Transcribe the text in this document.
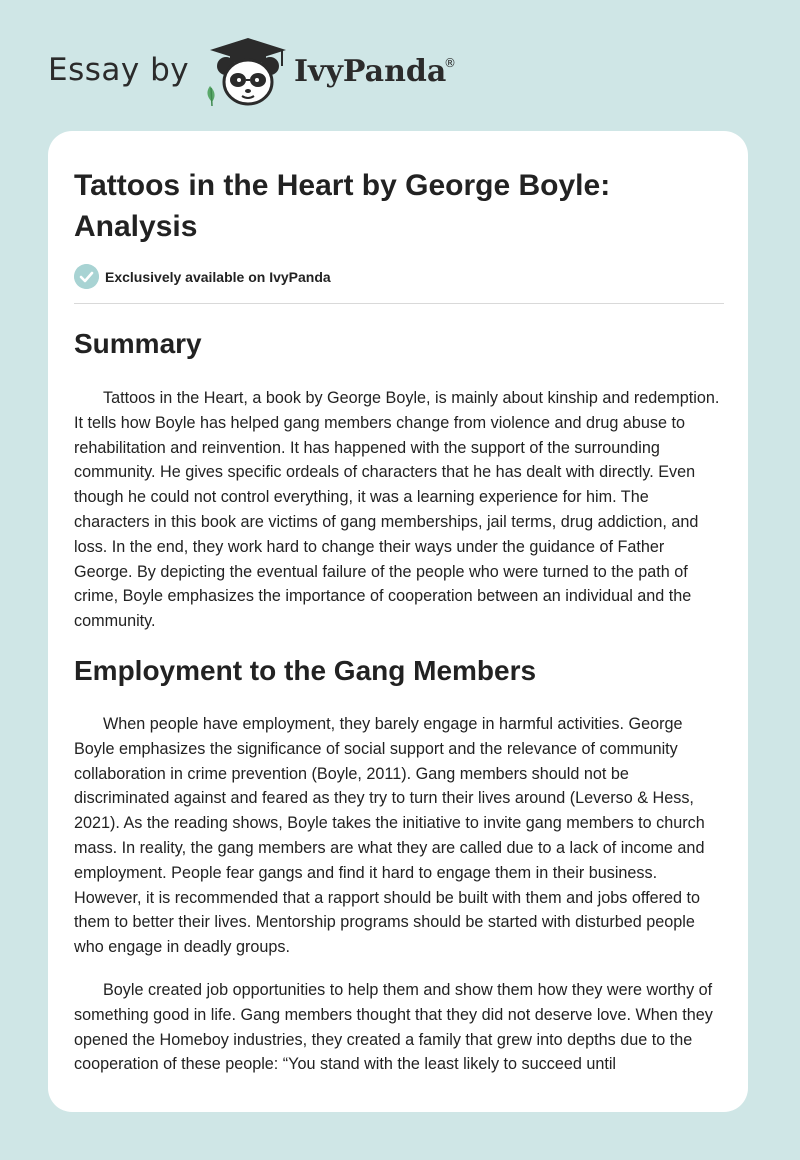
Essay by	IvyPanda
®
Tattoos in the Heart by George Boyle: Analysis
Exclusively available on IvyPanda
Summary

Tattoos in the Heart, a book by George Boyle, is mainly about kinship and redemption. It tells how Boyle has helped gang members change from violence and drug abuse to rehabilitation and reinvention. It has happened with the support of the surrounding community. He gives specific ordeals of characters that he has dealt with directly. Even though he could not control everything, it was a learning experience for him. The characters in this book are victims of gang memberships, jail terms, drug addiction, and loss. In the end, they work hard to change their ways under the guidance of Father George. By depicting the eventual failure of the people who were turned to the path of crime, Boyle emphasizes the importance of cooperation between an individual and the community.

Employment to the Gang Members

When people have employment, they barely engage in harmful activities. George Boyle emphasizes the significance of social support and the relevance of community collaboration in crime prevention (Boyle, 2011). Gang members should not be discriminated against and feared as they try to turn their lives around (Leverso & Hess, 2021). As the reading shows, Boyle takes the initiative to invite gang members to church mass. In reality, the gang members are what they are called due to a lack of income and employment. People fear gangs and find it hard to engage them in their business. However, it is recommended that a rapport should be built with them and jobs offered to them to better their lives. Mentorship programs should be started with disturbed people who engage in deadly groups.

Boyle created job opportunities to help them and show them how they were worthy of something good in life. Gang members thought that they did not deserve love. When they opened the Homeboy industries, they created a family that grew into depths due to the cooperation of these people: “You stand with the least likely to succeed until
